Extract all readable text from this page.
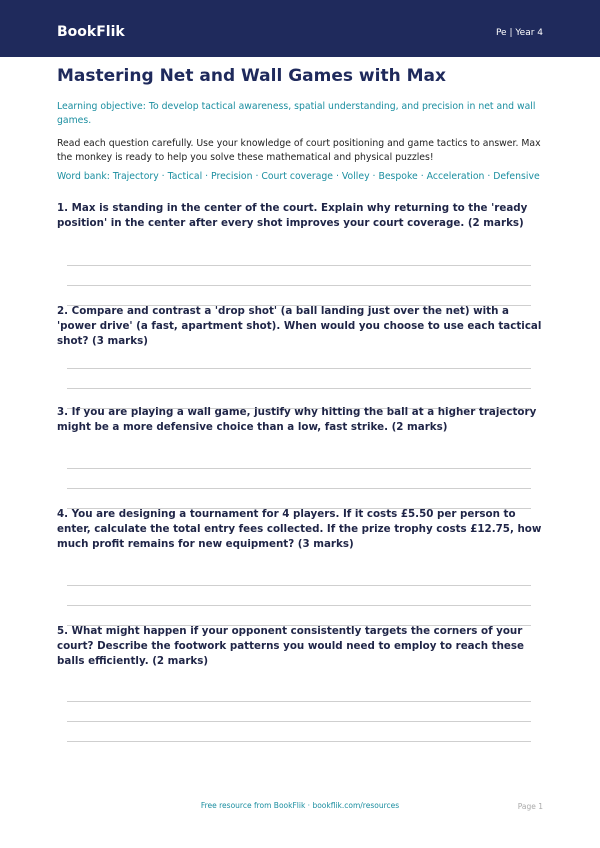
BookFlik	Pe | Year 4
Mastering Net and Wall Games with Max
Learning objective: To develop tactical awareness, spatial understanding, and precision in net and wall games.
Read each question carefully. Use your knowledge of court positioning and game tactics to answer. Max the monkey is ready to help you solve these mathematical and physical puzzles!
Word bank: Trajectory · Tactical · Precision · Court coverage · Volley · Bespoke · Acceleration · Defensive
1. Max is standing in the center of the court. Explain why returning to the 'ready position' in the center after every shot improves your court coverage. (2 marks)
2. Compare and contrast a 'drop shot' (a ball landing just over the net) with a 'power drive' (a fast, apartment shot). When would you choose to use each tactical shot? (3 marks)
3. If you are playing a wall game, justify why hitting the ball at a higher trajectory might be a more defensive choice than a low, fast strike. (2 marks)
4. You are designing a tournament for 4 players. If it costs £5.50 per person to enter, calculate the total entry fees collected. If the prize trophy costs £12.75, how much profit remains for new equipment? (3 marks)
5. What might happen if your opponent consistently targets the corners of your court? Describe the footwork patterns you would need to employ to reach these balls efficiently. (2 marks)
Free resource from BookFlik · bookflik.com/resources	Page 1
